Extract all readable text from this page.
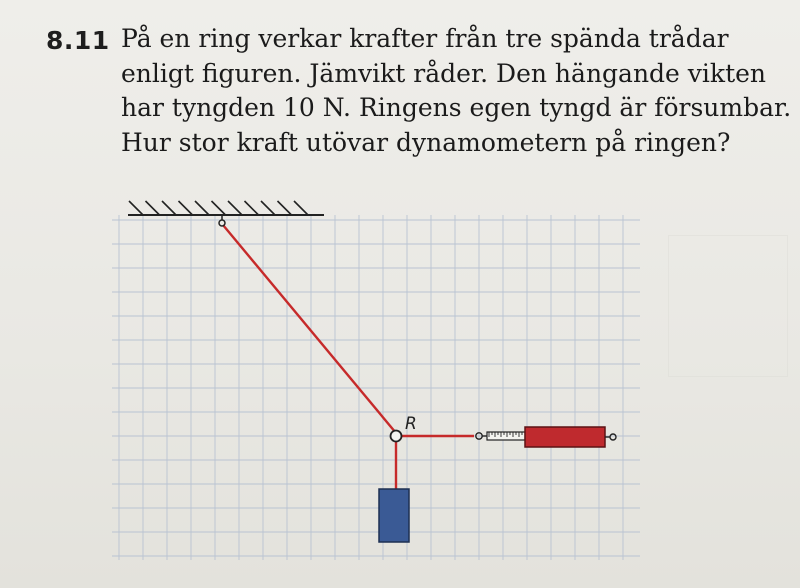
8.11 På en ring verkar krafter från tre spända trådar
enligt figuren. Jämvikt råder. Den hängande vikten
har tyngden 10 N. Ringens egen tyngd är försumbar.
Hur stor kraft utövar dynamometern på ringen?
R
